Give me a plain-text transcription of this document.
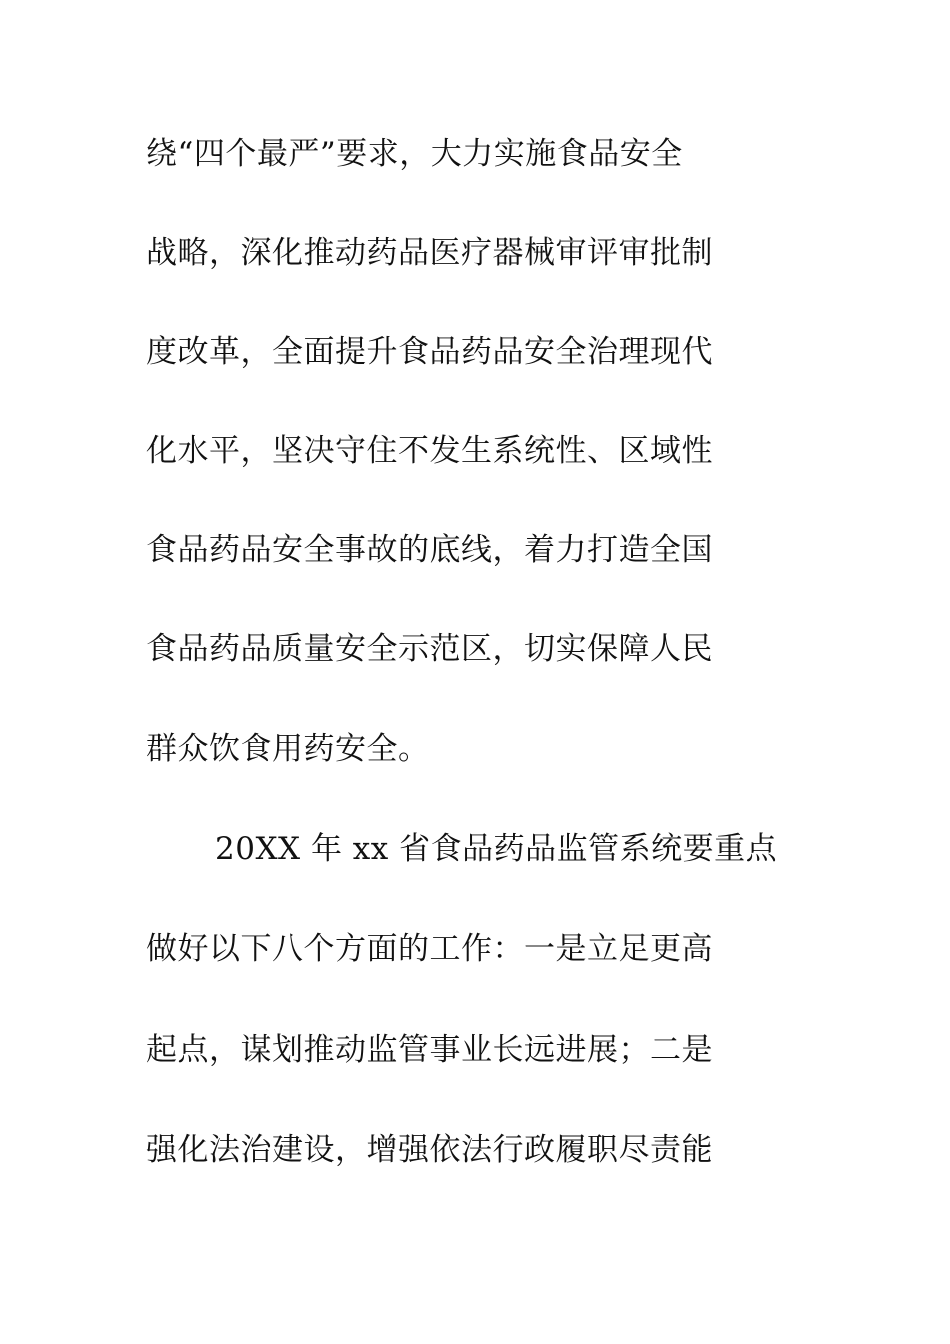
绕“四个最严”要求，大力实施食品安全
战略，深化推动药品医疗器械审评审批制
度改革，全面提升食品药品安全治理现代
化水平，坚决守住不发生系统性、区域性
食品药品安全事故的底线，着力打造全国
食品药品质量安全示范区，切实保障人民
群众饮食用药安全。
20XX 年 xx 省食品药品监管系统要重点
做好以下八个方面的工作：一是立足更高
起点，谋划推动监管事业长远进展；二是
强化法治建设，增强依法行政履职尽责能
